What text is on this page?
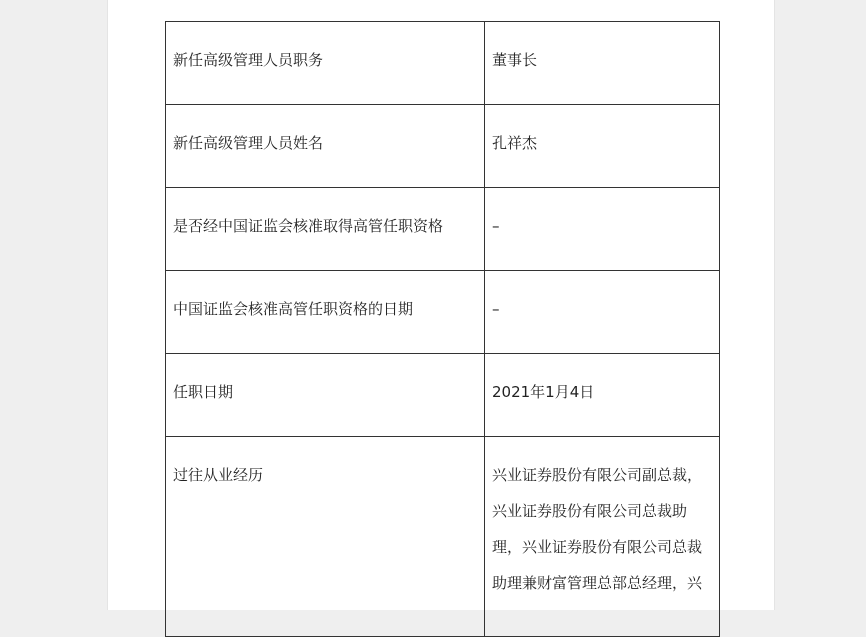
新任高级管理人员职务	董事长
新任高级管理人员姓名	孔祥杰
是否经中国证监会核准取得高管任职资格	–
中国证监会核准高管任职资格的日期	–
任职日期	2021年1月4日
过往从业经历	兴业证券股份有限公司副总裁，兴业证券股份有限公司总裁助理，兴业证券股份有限公司总裁助理兼财富管理总部总经理，兴
